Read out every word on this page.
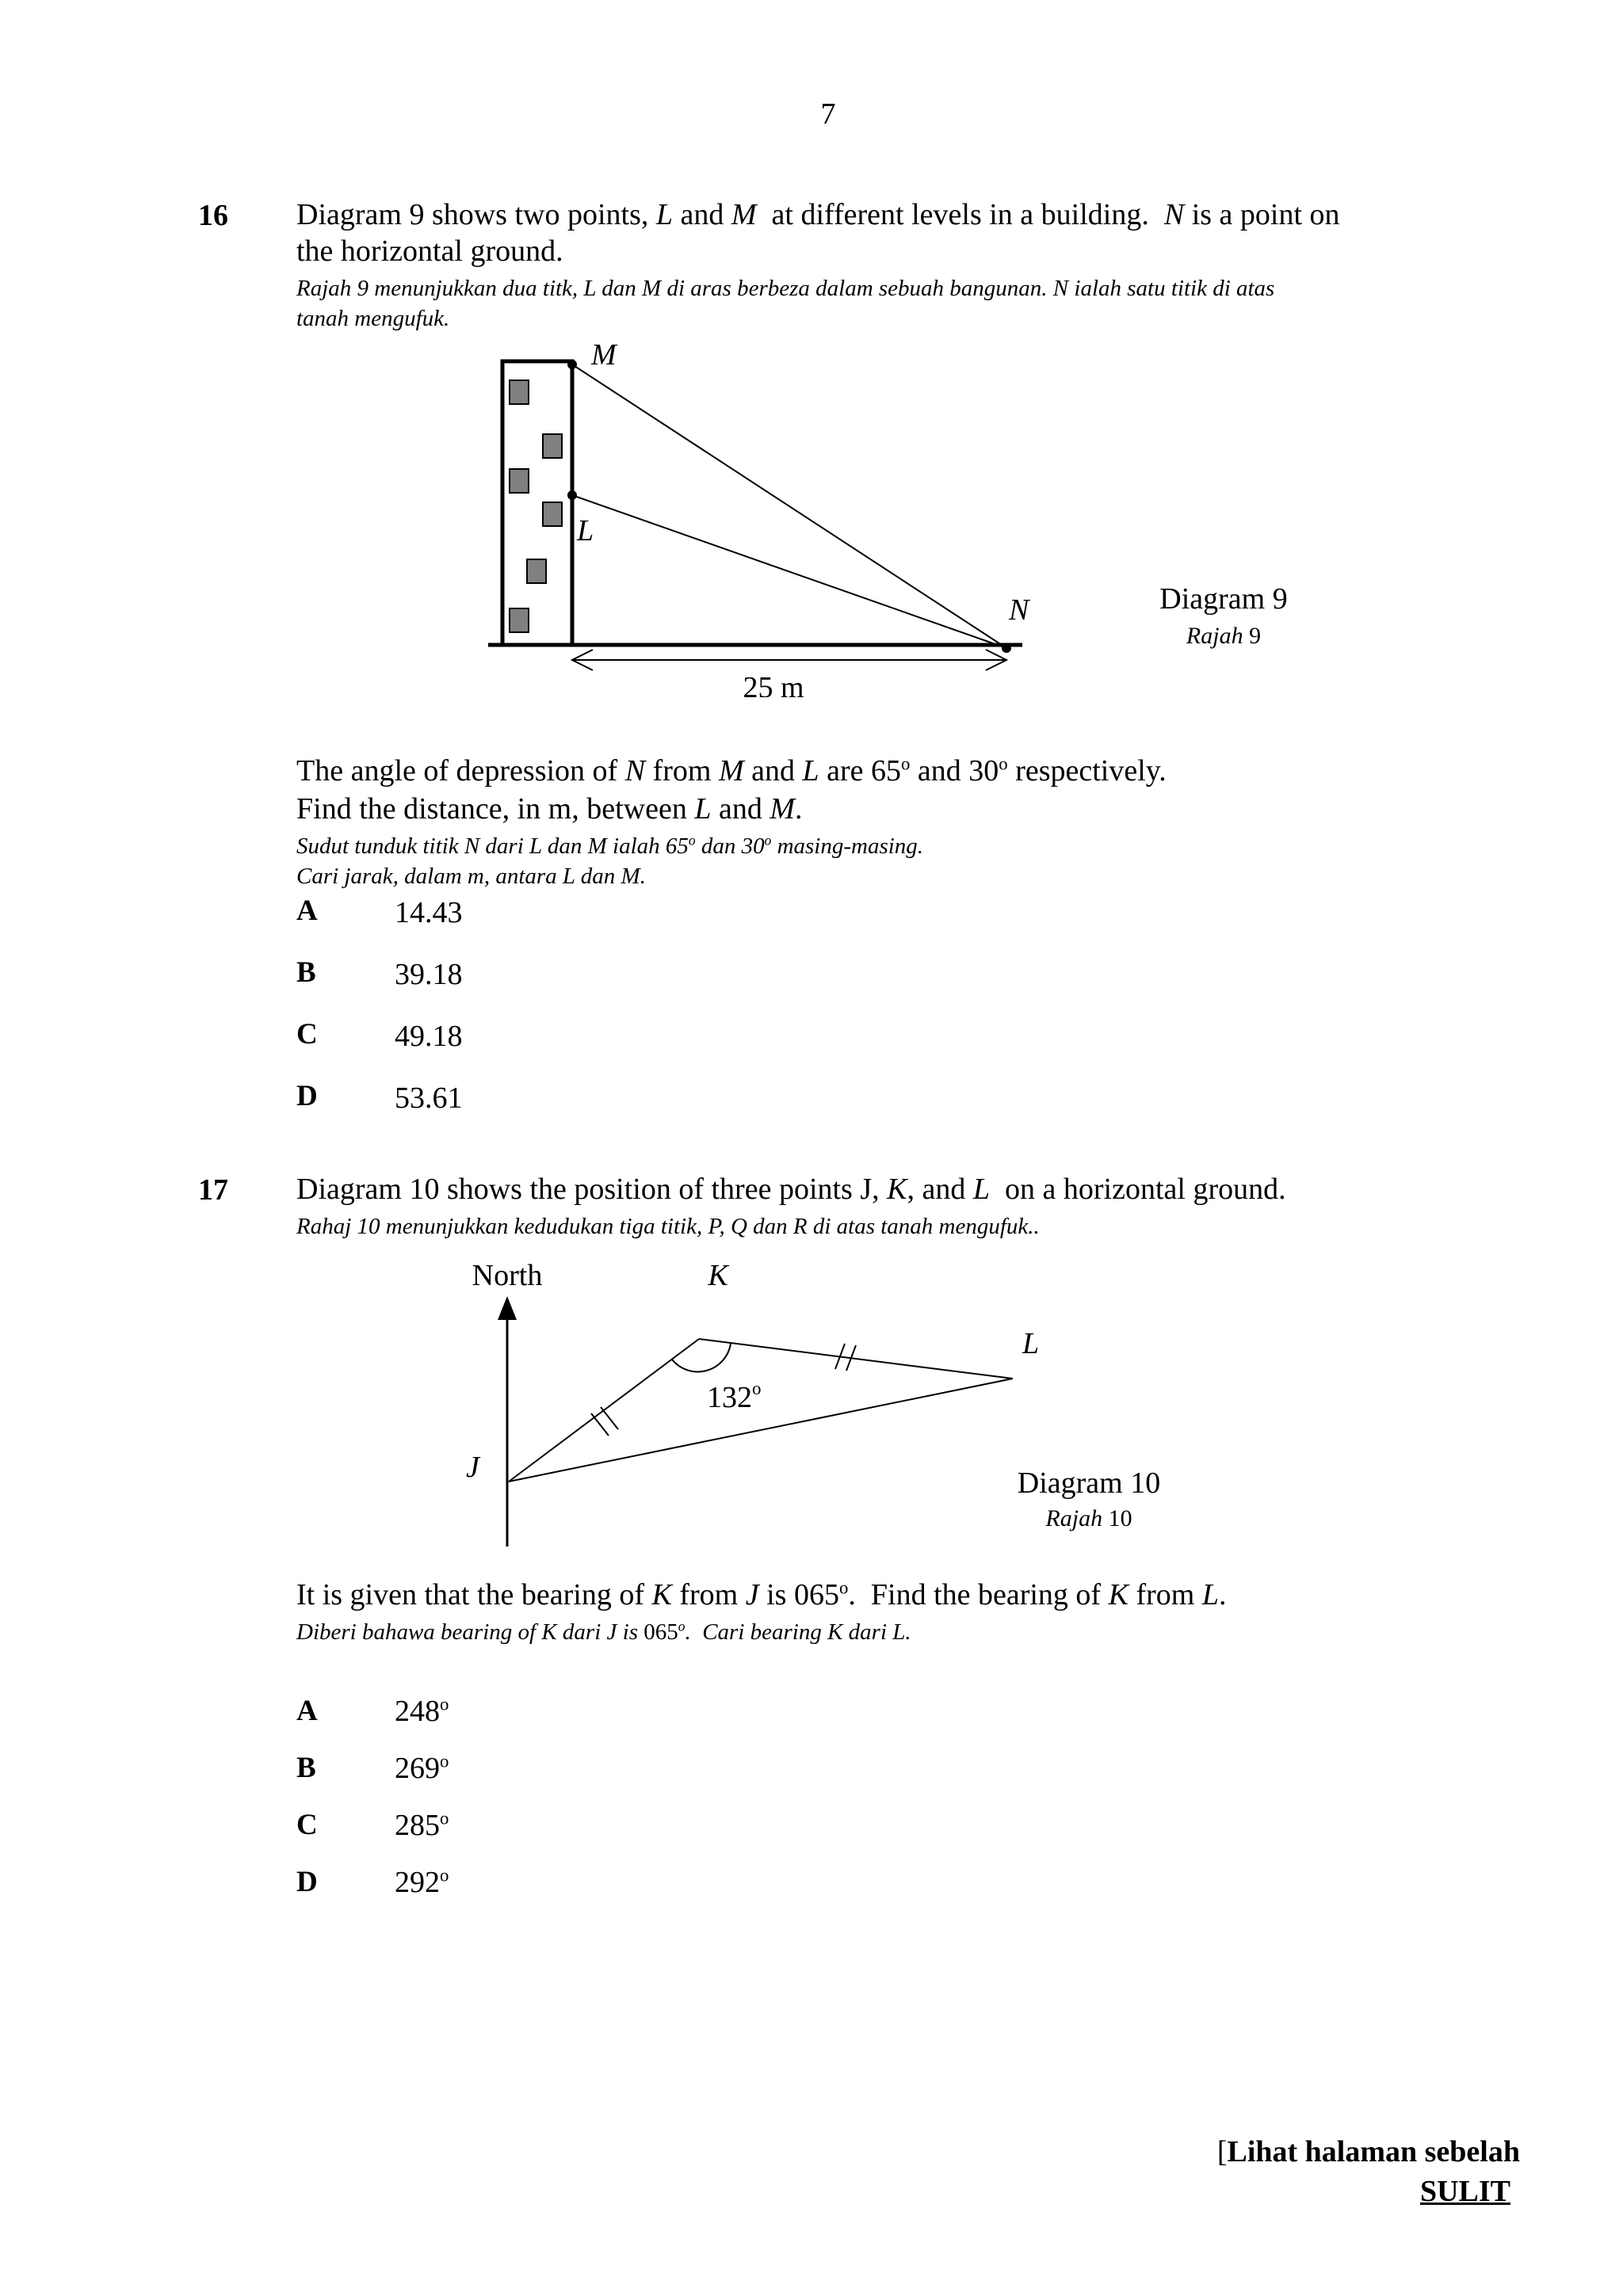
7
16 Diagram 9 shows two points, L and M  at different levels in a building.  N is a point on
the horizontal ground.
Rajah 9 menunjukkan dua titk, L dan M di aras berbeza dalam sebuah bangunan. N ialah satu titik di atas
tanah mengufuk.
M
L
N
25 m
Diagram 9
Rajah 9
The angle of depression of N from M and L are 65$^o$ and 30$^o$ respectively.
Find the distance, in m, between L and M.
Sudut tunduk titik N dari L dan M ialah 65$^o$ dan 30$^o$ masing-masing.
Cari jarak, dalam m, antara L dan M.
A	14.43
B	39.18
C	49.18
D	53.61
17 Diagram 10 shows the position of three points J, K, and L  on a horizontal ground.
Rahaj 10 menunjukkan kedudukan tiga titik, P, Q dan R di atas tanah mengufuk..
North	K
L
J
132$^o$
Diagram 10
Rajah 10
It is given that the bearing of K from J is 065$^o$.  Find the bearing of K from L.
Diberi bahawa bearing of K dari J is 065$^o$.  Cari bearing K dari L.
A	248$^o$
B	269$^o$
C	285$^o$
D	292$^o$
[Lihat halaman sebelah
SULIT
